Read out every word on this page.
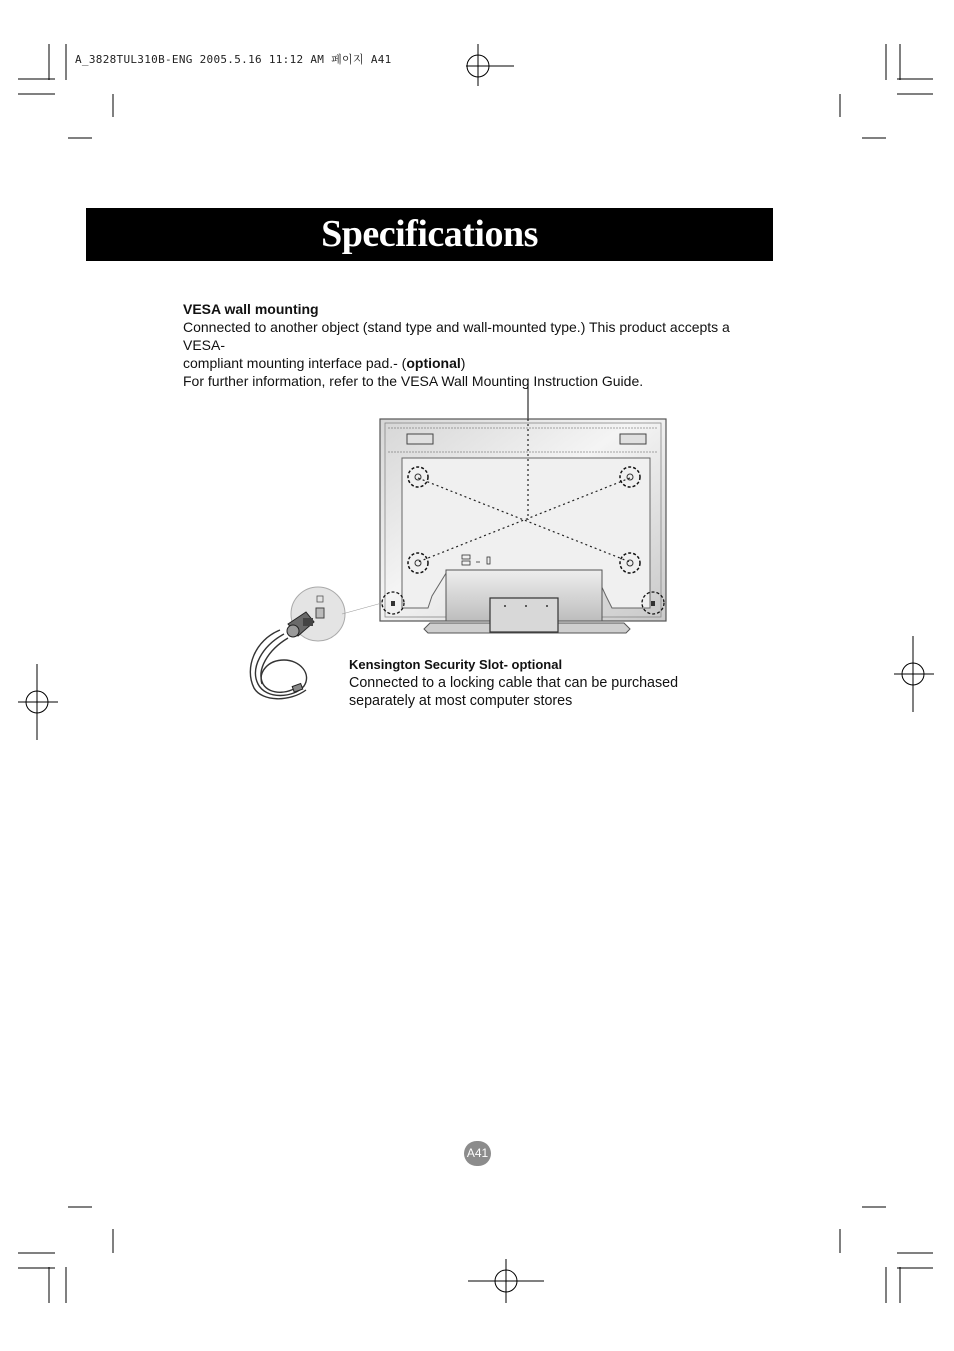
A_3828TUL310B-ENG 2005.5.16 11:12 AM 페이지 A41
Specifications
VESA wall mounting
Connected to another object (stand type and wall-mounted type.) This product accepts a VESA-
compliant mounting interface pad.- (optional)
For further information, refer to the VESA Wall Mounting Instruction Guide.
Kensington Security Slot- optional
Connected to a locking cable that can be purchased
separately at most computer stores
A41
